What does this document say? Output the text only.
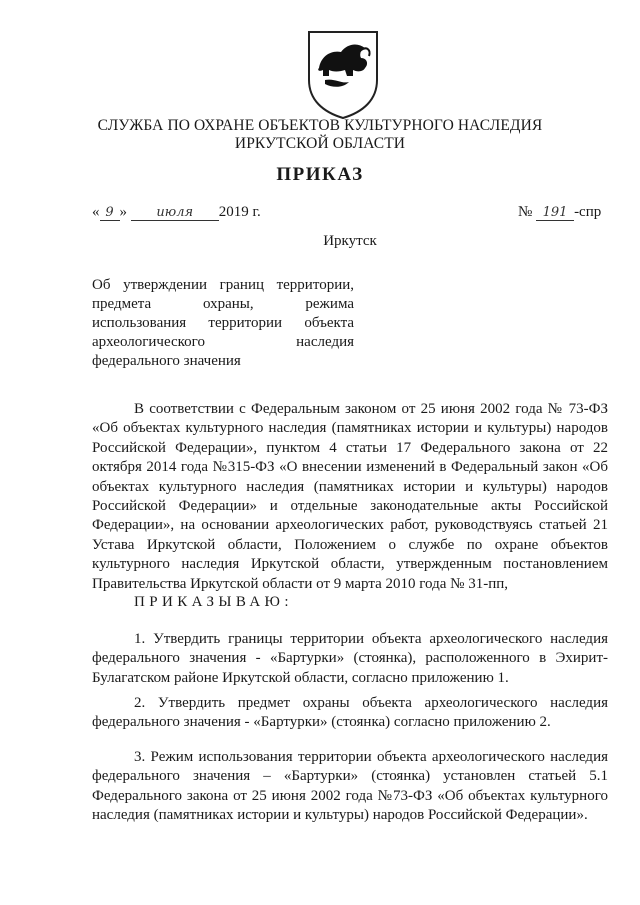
СЛУЖБА ПО ОХРАНЕ ОБЪЕКТОВ КУЛЬТУРНОГО НАСЛЕДИЯ
ИРКУТСКОЙ ОБЛАСТИ
ПРИКАЗ
« 9 » июля 2019 г.	№ 191 -спр
Иркутск
Об утверждении границ территории,
предмета охраны, режима
использования территории объекта
археологического наследия
федерального значения
В соответствии с Федеральным законом от 25 июня 2002 года № 73-ФЗ «Об объектах культурного наследия (памятниках истории и культуры) народов Российской Федерации», пунктом 4 статьи 17 Федерального закона от 22 октября 2014 года №315-ФЗ «О внесении изменений в Федеральный закон «Об объектах культурного наследия (памятниках истории и культуры) народов Российской Федерации» и отдельные законодательные акты Российской Федерации», на основании археологических работ, руководствуясь статьей 21 Устава Иркутской области, Положением о службе по охране объектов культурного наследия Иркутской области, утвержденным постановлением Правительства Иркутской области от 9 марта 2010 года № 31-пп,
ПРИКАЗЫВАЮ:
1. Утвердить границы территории объекта археологического наследия федерального значения - «Бартурки» (стоянка), расположенного в Эхирит-Булагатском районе Иркутской области, согласно приложению 1.
2. Утвердить предмет охраны объекта археологического наследия федерального значения - «Бартурки» (стоянка) согласно приложению 2.
3. Режим использования территории объекта археологического наследия федерального значения – «Бартурки» (стоянка) установлен статьей 5.1 Федерального закона от 25 июня 2002 года №73-ФЗ «Об объектах культурного наследия (памятниках истории и культуры) народов Российской Федерации».
